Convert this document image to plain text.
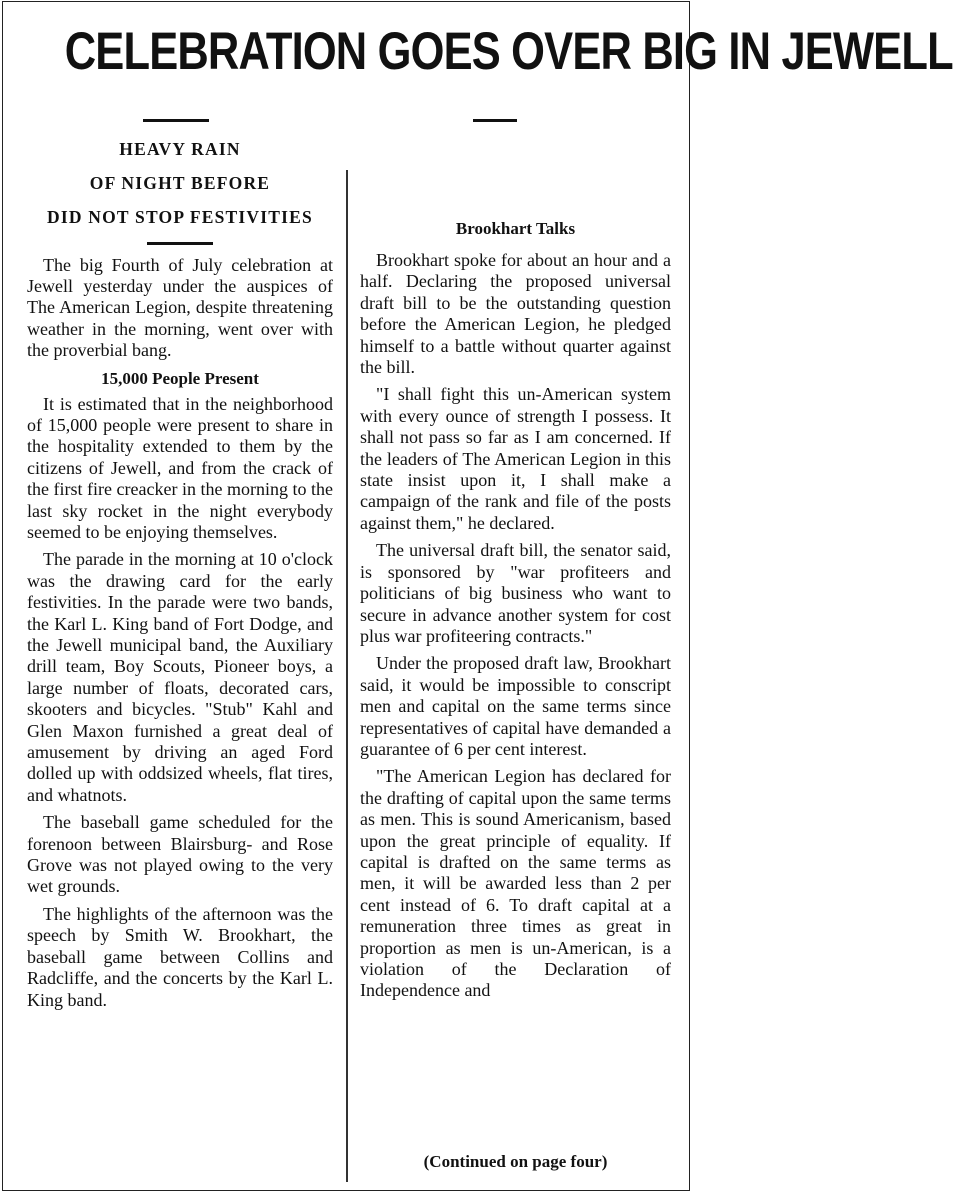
CELEBRATION GOES OVER BIG IN JEWELL
HEAVY RAIN
OF NIGHT BEFORE
DID NOT STOP FESTIVITIES

The big Fourth of July celebration at Jewell yesterday under the auspices of The American Legion, despite threatening weather in the morning, went over with the proverbial bang.

15,000 People Present

It is estimated that in the neighborhood of 15,000 people were present to share in the hospitality extended to them by the citizens of Jewell, and from the crack of the first fire creacker in the morning to the last sky rocket in the night everybody seemed to be enjoying themselves.

The parade in the morning at 10 o'clock was the drawing card for the early festivities. In the parade were two bands, the Karl L. King band of Fort Dodge, and the Jewell municipal band, the Auxiliary drill team, Boy Scouts, Pioneer boys, a large number of floats, decorated cars, skooters and bicycles. "Stub" Kahl and Glen Maxon furnished a great deal of amusement by driving an aged Ford dolled up with oddsized wheels, flat tires, and whatnots.

The baseball game scheduled for the forenoon between Blairsburg- and Rose Grove was not played owing to the very wet grounds.

The highlights of the afternoon was the speech by Smith W. Brookhart, the baseball game between Collins and Radcliffe, and the concerts by the Karl L. King band.

Brookhart Talks

Brookhart spoke for about an hour and a half. Declaring the proposed universal draft bill to be the outstanding question before the American Legion, he pledged himself to a battle without quarter against the bill.

"I shall fight this un-American system with every ounce of strength I possess. It shall not pass so far as I am concerned. If the leaders of The American Legion in this state insist upon it, I shall make a campaign of the rank and file of the posts against them," he declared.

The universal draft bill, the senator said, is sponsored by "war profiteers and politicians of big business who want to secure in advance another system for cost plus war profiteering contracts."

Under the proposed draft law, Brookhart said, it would be impossible to conscript men and capital on the same terms since representatives of capital have demanded a guarantee of 6 per cent interest.

"The American Legion has declared for the drafting of capital upon the same terms as men. This is sound Americanism, based upon the great principle of equality. If capital is drafted on the same terms as men, it will be awarded less than 2 per cent instead of 6. To draft capital at a remuneration three times as great in proportion as men is un-American, is a violation of the Declaration of Independence and

(Continued on page four)
